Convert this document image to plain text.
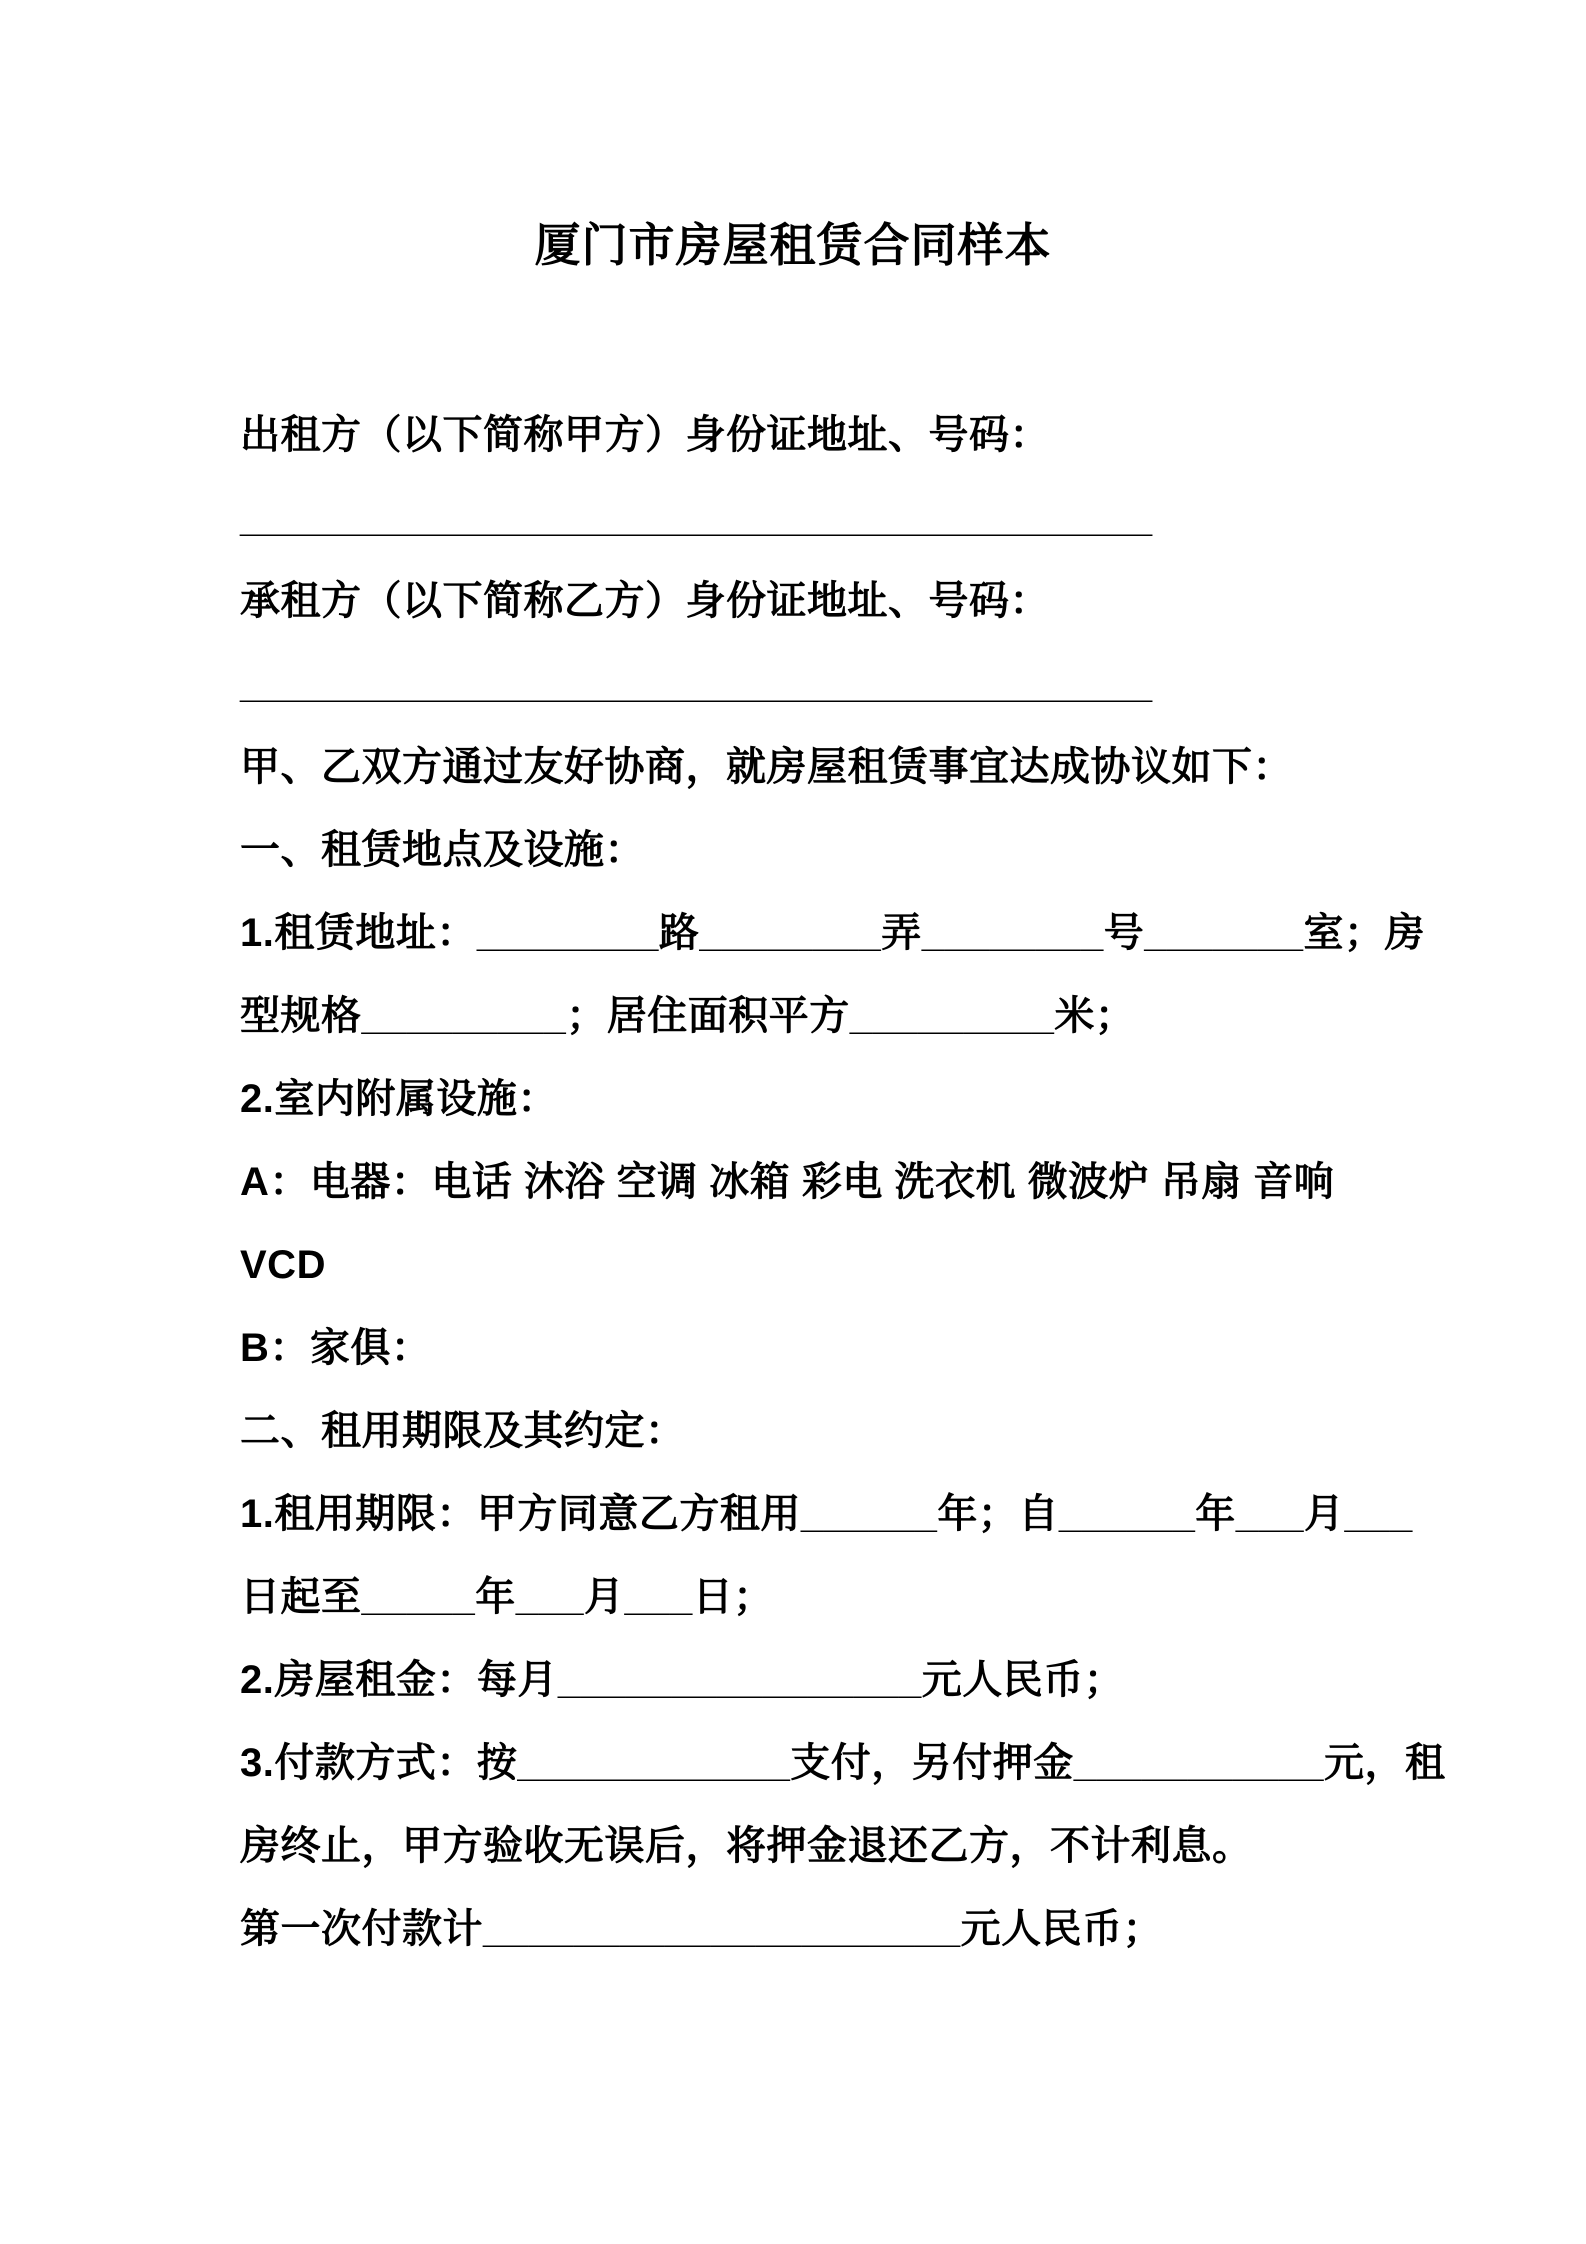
厦门市房屋租赁合同样本
出租方（以下简称甲方）身份证地址、号码：
_________________________________________
承租方（以下简称乙方）身份证地址、号码：
_________________________________________
甲、乙双方通过友好协商，就房屋租赁事宜达成协议如下：
一、租赁地点及设施：
1.租赁地址：________路________弄________号_______室；房
型规格_________；居住面积平方_________米；
2.室内附属设施：
A：电器：电话 沐浴 空调 冰箱 彩电 洗衣机 微波炉 吊扇 音响
VCD
B：家俱：
二、租用期限及其约定：
1.租用期限：甲方同意乙方租用______年；自______年___月___
日起至_____年___月___日；
2.房屋租金：每月________________元人民币；
3.付款方式：按____________支付，另付押金___________元，租
房终止，甲方验收无误后，将押金退还乙方，不计利息。
第一次付款计_____________________元人民币；
